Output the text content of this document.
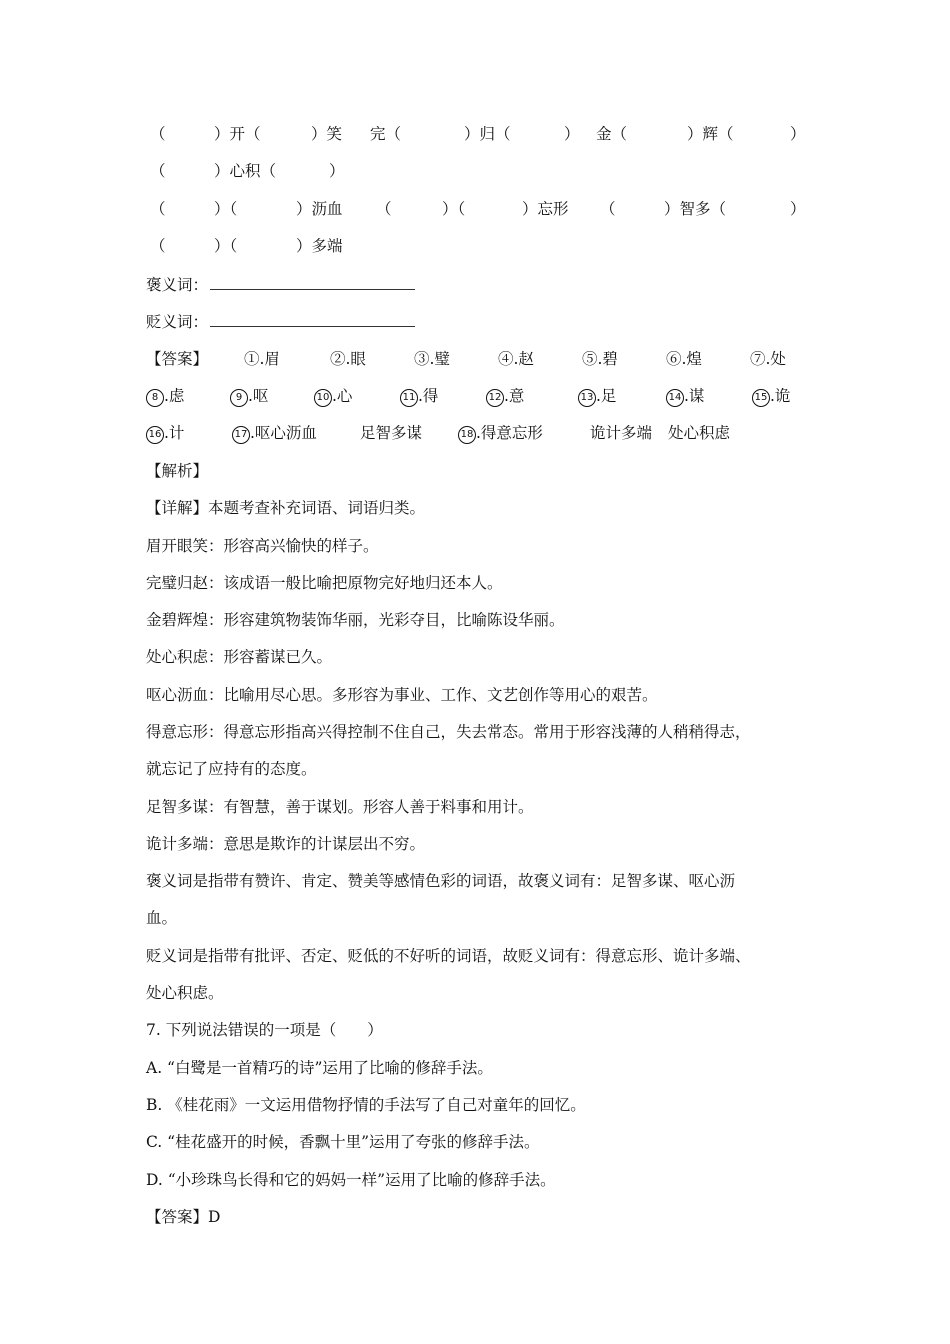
（	）开（	）笑 完（	）归（	） 金（	）辉（	）
（	）心积（	）
（	）（	）沥血 （	）（	）忘形 （	）智多（	）
（	）（	）多端
褒义词：
贬义词：
【答案】 ①.眉	②.眼	③.璧	④.赵	⑤.碧	⑥.煌	⑦.处
8 .虑	9 .呕	10 .心	11 .得	12 .意	13 .足	14 .谋	15 .诡
16 .计	17 .呕心沥血	足智多谋	18 .得意忘形	诡计多端 处心积虑
【解析】
【详解】本题考查补充词语、词语归类。
眉开眼笑：形容高兴愉快的样子。
完璧归赵：该成语一般比喻把原物完好地归还本人。
金碧辉煌：形容建筑物装饰华丽，光彩夺目，比喻陈设华丽。
处心积虑：形容蓄谋已久。
呕心沥血：比喻用尽心思。多形容为事业、工作、文艺创作等用心的艰苦。
得意忘形：得意忘形指高兴得控制不住自己，失去常态。常用于形容浅薄的人稍稍得志，
就忘记了应持有的态度。
足智多谋：有智慧，善于谋划。形容人善于料事和用计。
诡计多端：意思是欺诈的计谋层出不穷。
褒义词是指带有赞许、肯定、赞美等感情色彩的词语，故褒义词有：足智多谋、呕心沥
血。
贬义词是指带有批评、否定、贬低的不好听的词语，故贬义词有：得意忘形、诡计多端、
处心积虑。
7. 下列说法错误的一项是（　　）
A. “白鹭是一首精巧的诗”运用了比喻的修辞手法。
B. 《桂花雨》一文运用借物抒情的手法写了自己对童年的回忆。
C. “桂花盛开的时候，香飘十里”运用了夸张的修辞手法。
D. “小珍珠鸟长得和它的妈妈一样”运用了比喻的修辞手法。
【答案】D
